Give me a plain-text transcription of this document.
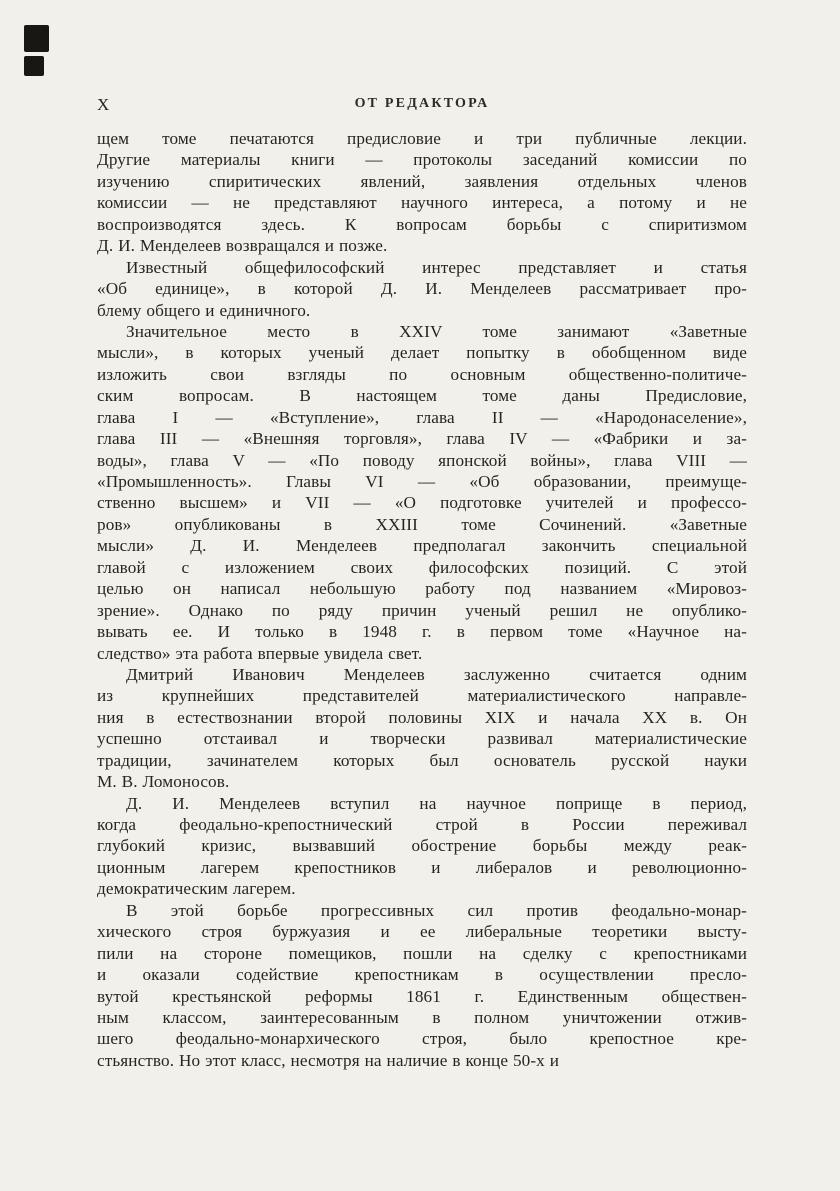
X	ОТ РЕДАКТОРА
щем томе печатаются предисловие и три публичные лекции.
Другие материалы книги — протоколы заседаний комиссии по
изучению спиритических явлений, заявления отдельных членов
комиссии — не представляют научного интереса, а потому и не
воспроизводятся здесь. К вопросам борьбы с спиритизмом
Д. И. Менделеев возвращался и позже.
Известный общефилософский интерес представляет и статья
«Об единице», в которой Д. И. Менделеев рассматривает про-
блему общего и единичного.
Значительное место в XXIV томе занимают «Заветные
мысли», в которых ученый делает попытку в обобщенном виде
изложить свои взгляды по основным общественно-политиче-
ским вопросам. В настоящем томе даны Предисловие,
глава I — «Вступление», глава II — «Народонаселение»,
глава III — «Внешняя торговля», глава IV — «Фабрики и за-
воды», глава V — «По поводу японской войны», глава VIII —
«Промышленность». Главы VI — «Об образовании, преимуще-
ственно высшем» и VII — «О подготовке учителей и профессо-
ров» опубликованы в XXIII томе Сочинений. «Заветные
мысли» Д. И. Менделеев предполагал закончить специальной
главой с изложением своих философских позиций. С этой
целью он написал небольшую работу под названием «Мировоз-
зрение». Однако по ряду причин ученый решил не опублико-
вывать ее. И только в 1948 г. в первом томе «Научное на-
следство» эта работа впервые увидела свет.
Дмитрий Иванович Менделеев заслуженно считается одним
из крупнейших представителей материалистического направле-
ния в естествознании второй половины XIX и начала XX в. Он
успешно отстаивал и творчески развивал материалистические
традиции, зачинателем которых был основатель русской науки
М. В. Ломоносов.
Д. И. Менделеев вступил на научное поприще в период,
когда феодально-крепостнический строй в России переживал
глубокий кризис, вызвавший обострение борьбы между реак-
ционным лагерем крепостников и либералов и революционно-
демократическим лагерем.
В этой борьбе прогрессивных сил против феодально-монар-
хического строя буржуазия и ее либеральные теоретики высту-
пили на стороне помещиков, пошли на сделку с крепостниками
и оказали содействие крепостникам в осуществлении пресло-
вутой крестьянской реформы 1861 г. Единственным обществен-
ным классом, заинтересованным в полном уничтожении отжив-
шего феодально-монархического строя, было крепостное кре-
стьянство. Но этот класс, несмотря на наличие в конце 50-х и
